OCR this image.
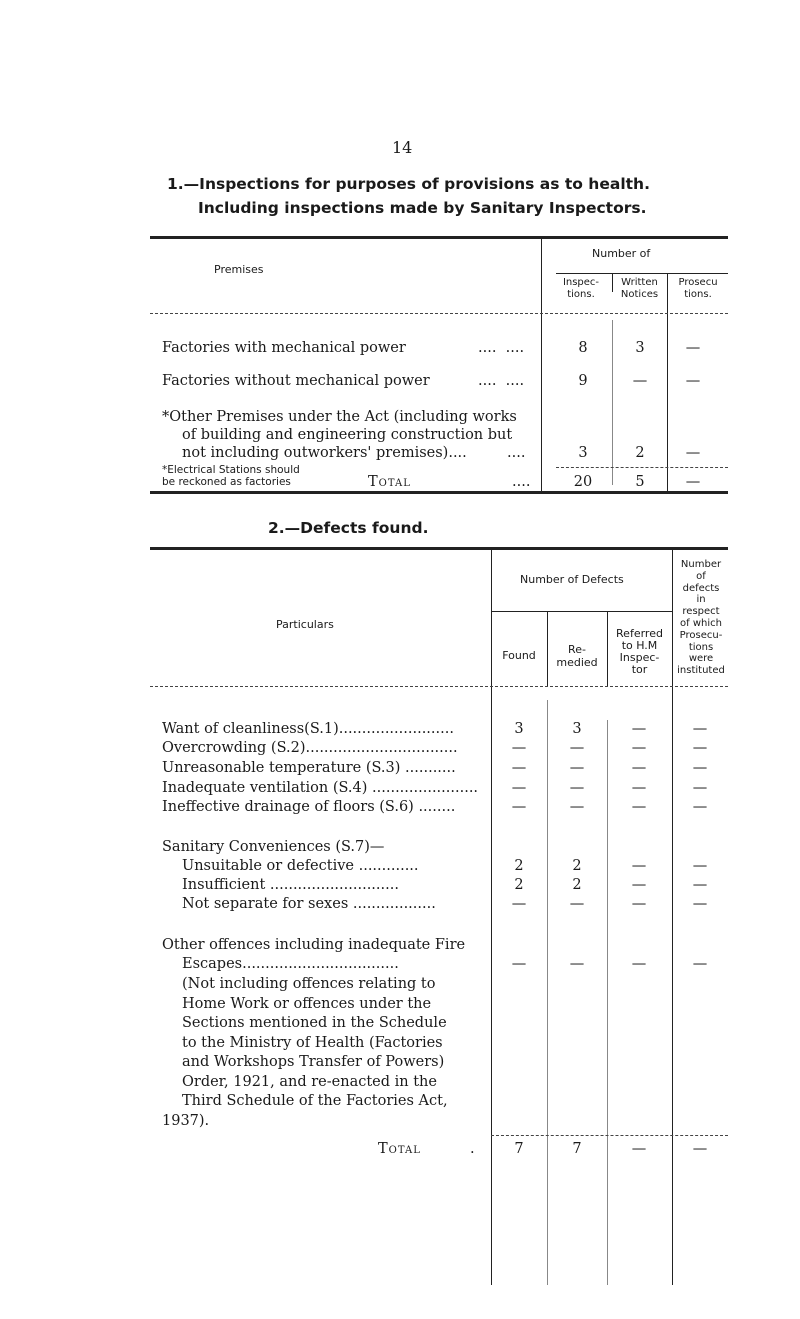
14
1.—Inspections for purposes of provisions as to health.
Including inspections made by Sanitary Inspectors.
Premises
Number of
Inspec-
tions.
Written
Notices
Prosecu
tions.
Factories with mechanical power	....  ....	8	3	—
Factories without mechanical power	....  ....	9	—	—
*Other Premises under the Act (including works
of building and engineering construction but
not including outworkers' premises)....	....	3	2	—
*Electrical Stations should
be reckoned as factories	Total	....	20	5	—
2.—Defects found.
Particulars
Number of Defects
Found	Re-
medied
Referred
to H.M
Inspec-
tor
Number
of
defects
in
respect
of which
Prosecu-
tions
were
instituted
Want of cleanliness(S.1).........................	3	3	—	—
Overcrowding (S.2).................................	—	—	—	—
Unreasonable temperature (S.3) ...........	—	—	—	—
Inadequate ventilation (S.4) .......................	—	—	—	—
Ineffective drainage of floors (S.6) ........	—	—	—	—
Sanitary Conveniences (S.7)—
Unsuitable or defective .............	2	2	—	—
Insufficient ............................	2	2	—	—
Not separate for sexes ..................	—	—	—	—
Other offences including inadequate Fire
Escapes..................................	—	—	—	—
(Not including offences relating to
Home Work or offences under the
Sections mentioned in the Schedule
to the Ministry of Health (Factories
and Workshops Transfer of Powers)
Order, 1921, and re-enacted in the
Third Schedule of the Factories Act,
1937).
Total	.	7	7	—	—
